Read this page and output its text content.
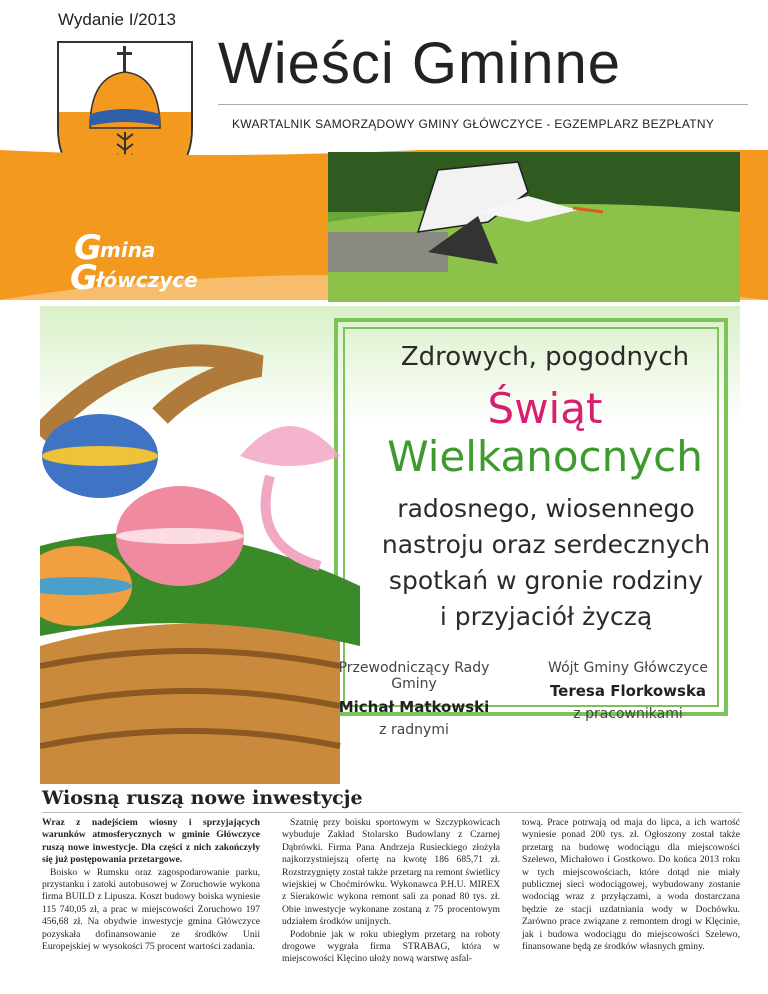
Wydanie I/2013
Wieści Gminne
KWARTALNIK SAMORZĄDOWY GMINY GŁÓWCZYCE - EGZEMPLARZ BEZPŁATNY
G
mina
G
łówczyce
Zdrowych, pogodnych
Świąt
Wielkanocnych
radosnego, wiosennego
nastroju oraz serdecznych
spotkań w gronie rodziny
i przyjaciół życzą
Przewodniczący Rady Gminy
Michał Matkowski
z radnymi
Wójt Gminy Główczyce
Teresa Florkowska
z pracownikami
Wiosną ruszą nowe inwestycje

Wraz z nadejściem wiosny i sprzyjających warunków atmosferycznych w gminie Główczyce ruszą nowe inwestycje. Dla części z nich zakończyły się już postępowania przetargowe.

Boisko w Rumsku oraz zagospodarowanie parku, przystanku i zatoki autobusowej w Zoruchowie wykona firma BUILD z Lipusza. Koszt budowy boiska wyniesie 115 740,05 zł, a prac w miejscowości Zoruchowo 197 456,68 zł. Na obydwie inwestycje gmina Główczyce pozyskała dofinansowanie ze środków Unii Europejskiej w wysokości 75 procent wartości zadania.

Szatnię przy boisku sportowym w Szczypkowicach wybuduje Zakład Stolarsko Budowlany z Czarnej Dąbrówki. Firma Pana Andrzeja Rusieckiego złożyła najkorzystniejszą ofertę na kwotę 186 685,71 zł. Rozstrzygnięty został także przetarg na remont świetlicy wiejskiej w Choćmirówku. Wykonawca P.H.U. MIREX z Sierakowic wykona remont sali za ponad 80 tys. zł. Obie inwestycje wykonane zostaną z 75 procentowym udziałem środków unijnych.

Podobnie jak w roku ubiegłym przetarg na roboty drogowe wygrała firma STRABAG, która w miejscowości Klęcino ułoży nową warstwę asfal-

tową. Prace potrwają od maja do lipca, a ich wartość wyniesie ponad 200 tys. zł. Ogłoszony został także przetarg na budowę wodociągu dla miejscowości Szelewo, Michałowo i Gostkowo. Do końca 2013 roku w tych miejscowościach, które dotąd nie miały publicznej sieci wodociągowej, wybudowany zostanie wodociąg wraz z przyłączami, a woda dostarczana będzie ze stacji uzdatniania wody w Dochówku. Zarówno prace związane z remontem drogi w Klęcinie, jak i budowa wodociągu do miejscowości Szelewo, finansowane będą ze środków własnych gminy.
